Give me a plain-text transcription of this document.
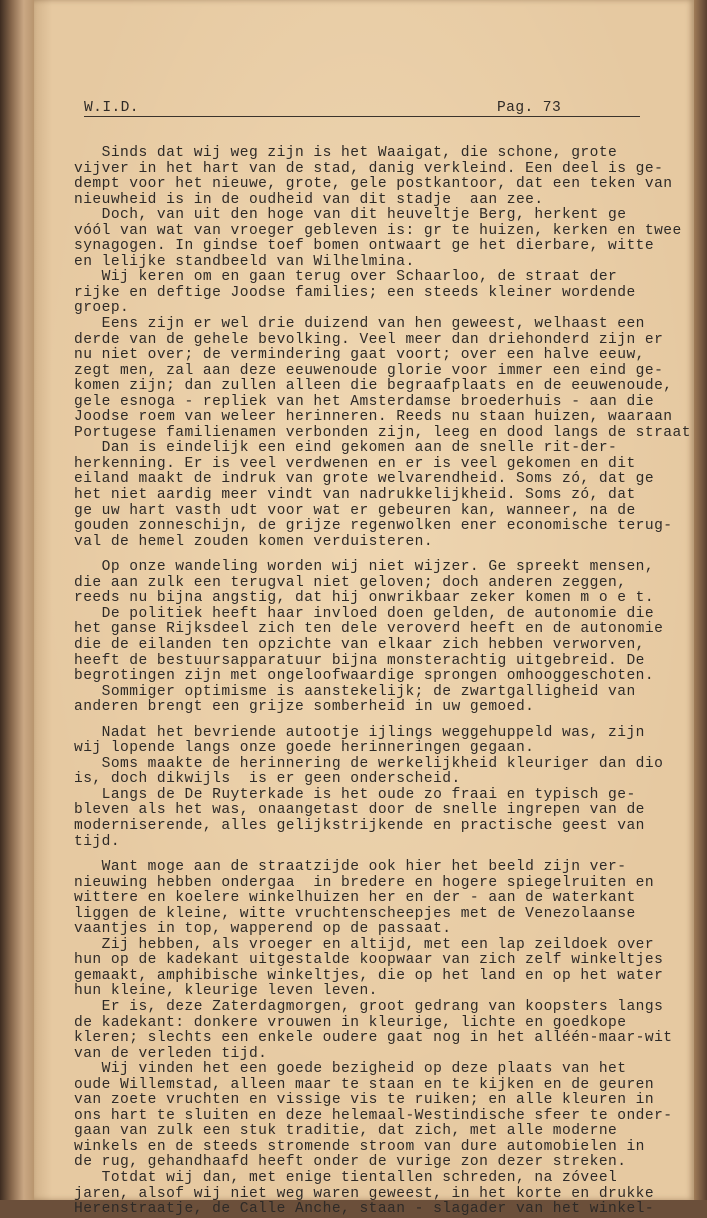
W.I.D.	Pag. 73
Sinds dat wij weg zijn is het Waaigat, die schone, grote
vijver in het hart van de stad, danig verkleind. Een deel is ge-
dempt voor het nieuwe, grote, gele postkantoor, dat een teken van
nieuwheid is in de oudheid van dit stadje  aan zee.
Doch, van uit den hoge van dit heuveltje Berg, herkent ge
vóól van wat van vroeger gebleven is: gr te huizen, kerken en twee
synagogen. In gindse toef bomen ontwaart ge het dierbare, witte
en lelijke standbeeld van Wilhelmina.
Wij keren om en gaan terug over Schaarloo, de straat der
rijke en deftige Joodse families; een steeds kleiner wordende
groep.
Eens zijn er wel drie duizend van hen geweest, welhaast een
derde van de gehele bevolking. Veel meer dan driehonderd zijn er
nu niet over; de vermindering gaat voort; over een halve eeuw,
zegt men, zal aan deze eeuwenoude glorie voor immer een eind ge-
komen zijn; dan zullen alleen die begraafplaats en de eeuwenoude,
gele esnoga - repliek van het Amsterdamse broederhuis - aan die
Joodse roem van weleer herinneren. Reeds nu staan huizen, waaraan
Portugese familienamen verbonden zijn, leeg en dood langs de straat
Dan is eindelijk een eind gekomen aan de snelle rit-der-
herkenning. Er is veel verdwenen en er is veel gekomen en dit
eiland maakt de indruk van grote welvarendheid. Soms zó, dat ge
het niet aardig meer vindt van nadrukkelijkheid. Soms zó, dat
ge uw hart vasth udt voor wat er gebeuren kan, wanneer, na de
gouden zonneschijn, de grijze regenwolken ener economische terug-
val de hemel zouden komen verduisteren.
Op onze wandeling worden wij niet wijzer. Ge spreekt mensen,
die aan zulk een terugval niet geloven; doch anderen zeggen,
reeds nu bijna angstig, dat hij onwrikbaar zeker komen m o e t.
De politiek heeft haar invloed doen gelden, de autonomie die
het ganse Rijksdeel zich ten dele veroverd heeft en de autonomie
die de eilanden ten opzichte van elkaar zich hebben verworven,
heeft de bestuursapparatuur bijna monsterachtig uitgebreid. De
begrotingen zijn met ongeloofwaardige sprongen omhooggeschoten.
Sommiger optimisme is aanstekelijk; de zwartgalligheid van
anderen brengt een grijze somberheid in uw gemoed.
Nadat het bevriende autootje ijlings weggehuppeld was, zijn
wij lopende langs onze goede herinneringen gegaan.
Soms maakte de herinnering de werkelijkheid kleuriger dan dio
is, doch dikwijls  is er geen onderscheid.
Langs de De Ruyterkade is het oude zo fraai en typisch ge-
bleven als het was, onaangetast door de snelle ingrepen van de
moderniseren‍de, alles gelijkstrijkende en practische geest van
tijd.
Want moge aan de straatzijde ook hier het beeld zijn ver-
nieuwing hebben ondergaa  in bredere en hogere spiegelruiten en
wittere en koelere winkelhuizen her en der - aan de waterkant
liggen de kleine, witte vruchtenscheepjes met de Venezolaanse
vaantjes in top, wapperend op de passaat.
Zij hebben, als vroeger en altijd, met een lap zeildoek over
hun op de kadekant uitgestalde koopwaar van zich zelf winkeltjes
gemaakt, amphibische winkeltjes, die op het land en op het water
hun kleine, kleurige leven leven.
Er is, deze Zaterdagmorgen, groot gedrang van koopsters langs
de kadekant: donkere vrouwen in kleurige, lichte en goedkope
kleren; slechts een enkele oudere gaat nog in het alléén-maar-wit
van de verleden tijd.
Wij vinden het een goede bezigheid op deze plaats van het
oude Willemstad, alleen maar te staan en te kijken en de geuren
van zoete vruchten en vissige vis te ruiken; en alle kleuren in
ons hart te sluiten en deze helemaal-Westindische sfeer te onder-
gaan van zulk een stuk traditie, dat zich, met alle moderne
winkels en de steeds stromende stroom van dure automobielen in
de rug, gehandhaafd heeft onder de vurige zon dezer streken.
Totdat wij dan, met enige tientallen schreden, na zóveel
jaren, alsof wij niet weg waren geweest, in het korte en drukke
Herenstraatje, de Calle Anche, staan - slagader van het winkel-
